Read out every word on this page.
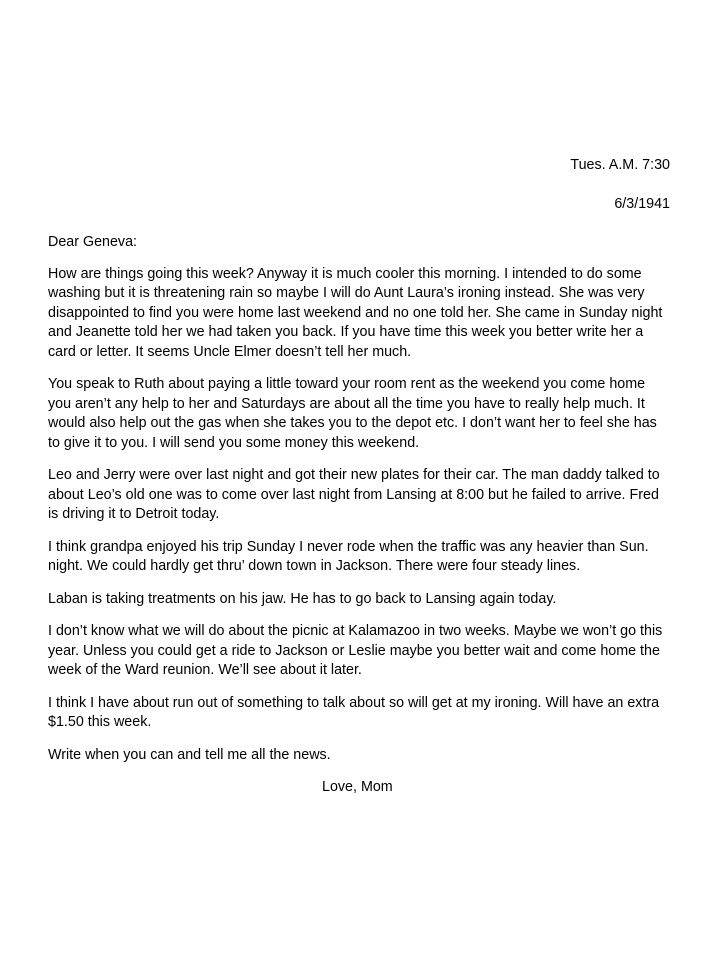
Tues. A.M. 7:30
6/3/1941
Dear Geneva:
How are things going this week? Anyway it is much cooler this morning. I intended to do some washing but it is threatening rain so maybe I will do Aunt Laura’s ironing instead. She was very disappointed to find you were home last weekend and no one told her. She came in Sunday night and Jeanette told her we had taken you back. If you have time this week you better write her a card or letter. It seems Uncle Elmer doesn’t tell her much.
You speak to Ruth about paying a little toward your room rent as the weekend you come home you aren’t any help to her and Saturdays are about all the time you have to really help much. It would also help out the gas when she takes you to the depot etc. I don’t want her to feel she has to give it to you. I will send you some money this weekend.
Leo and Jerry were over last night and got their new plates for their car. The man daddy talked to about Leo’s old one was to come over last night from Lansing at 8:00 but he failed to arrive. Fred is driving it to Detroit today.
I think grandpa enjoyed his trip Sunday I never rode when the traffic was any heavier than Sun. night. We could hardly get thru’ down town in Jackson. There were four steady lines.
Laban is taking treatments on his jaw. He has to go back to Lansing again today.
I don’t know what we will do about the picnic at Kalamazoo in two weeks. Maybe we won’t go this year. Unless you could get a ride to Jackson or Leslie maybe you better wait and come home the week of the Ward reunion. We’ll see about it later.
I think I have about run out of something to talk about so will get at my ironing. Will have an extra $1.50 this week.
Write when you can and tell me all the news.
Love, Mom
